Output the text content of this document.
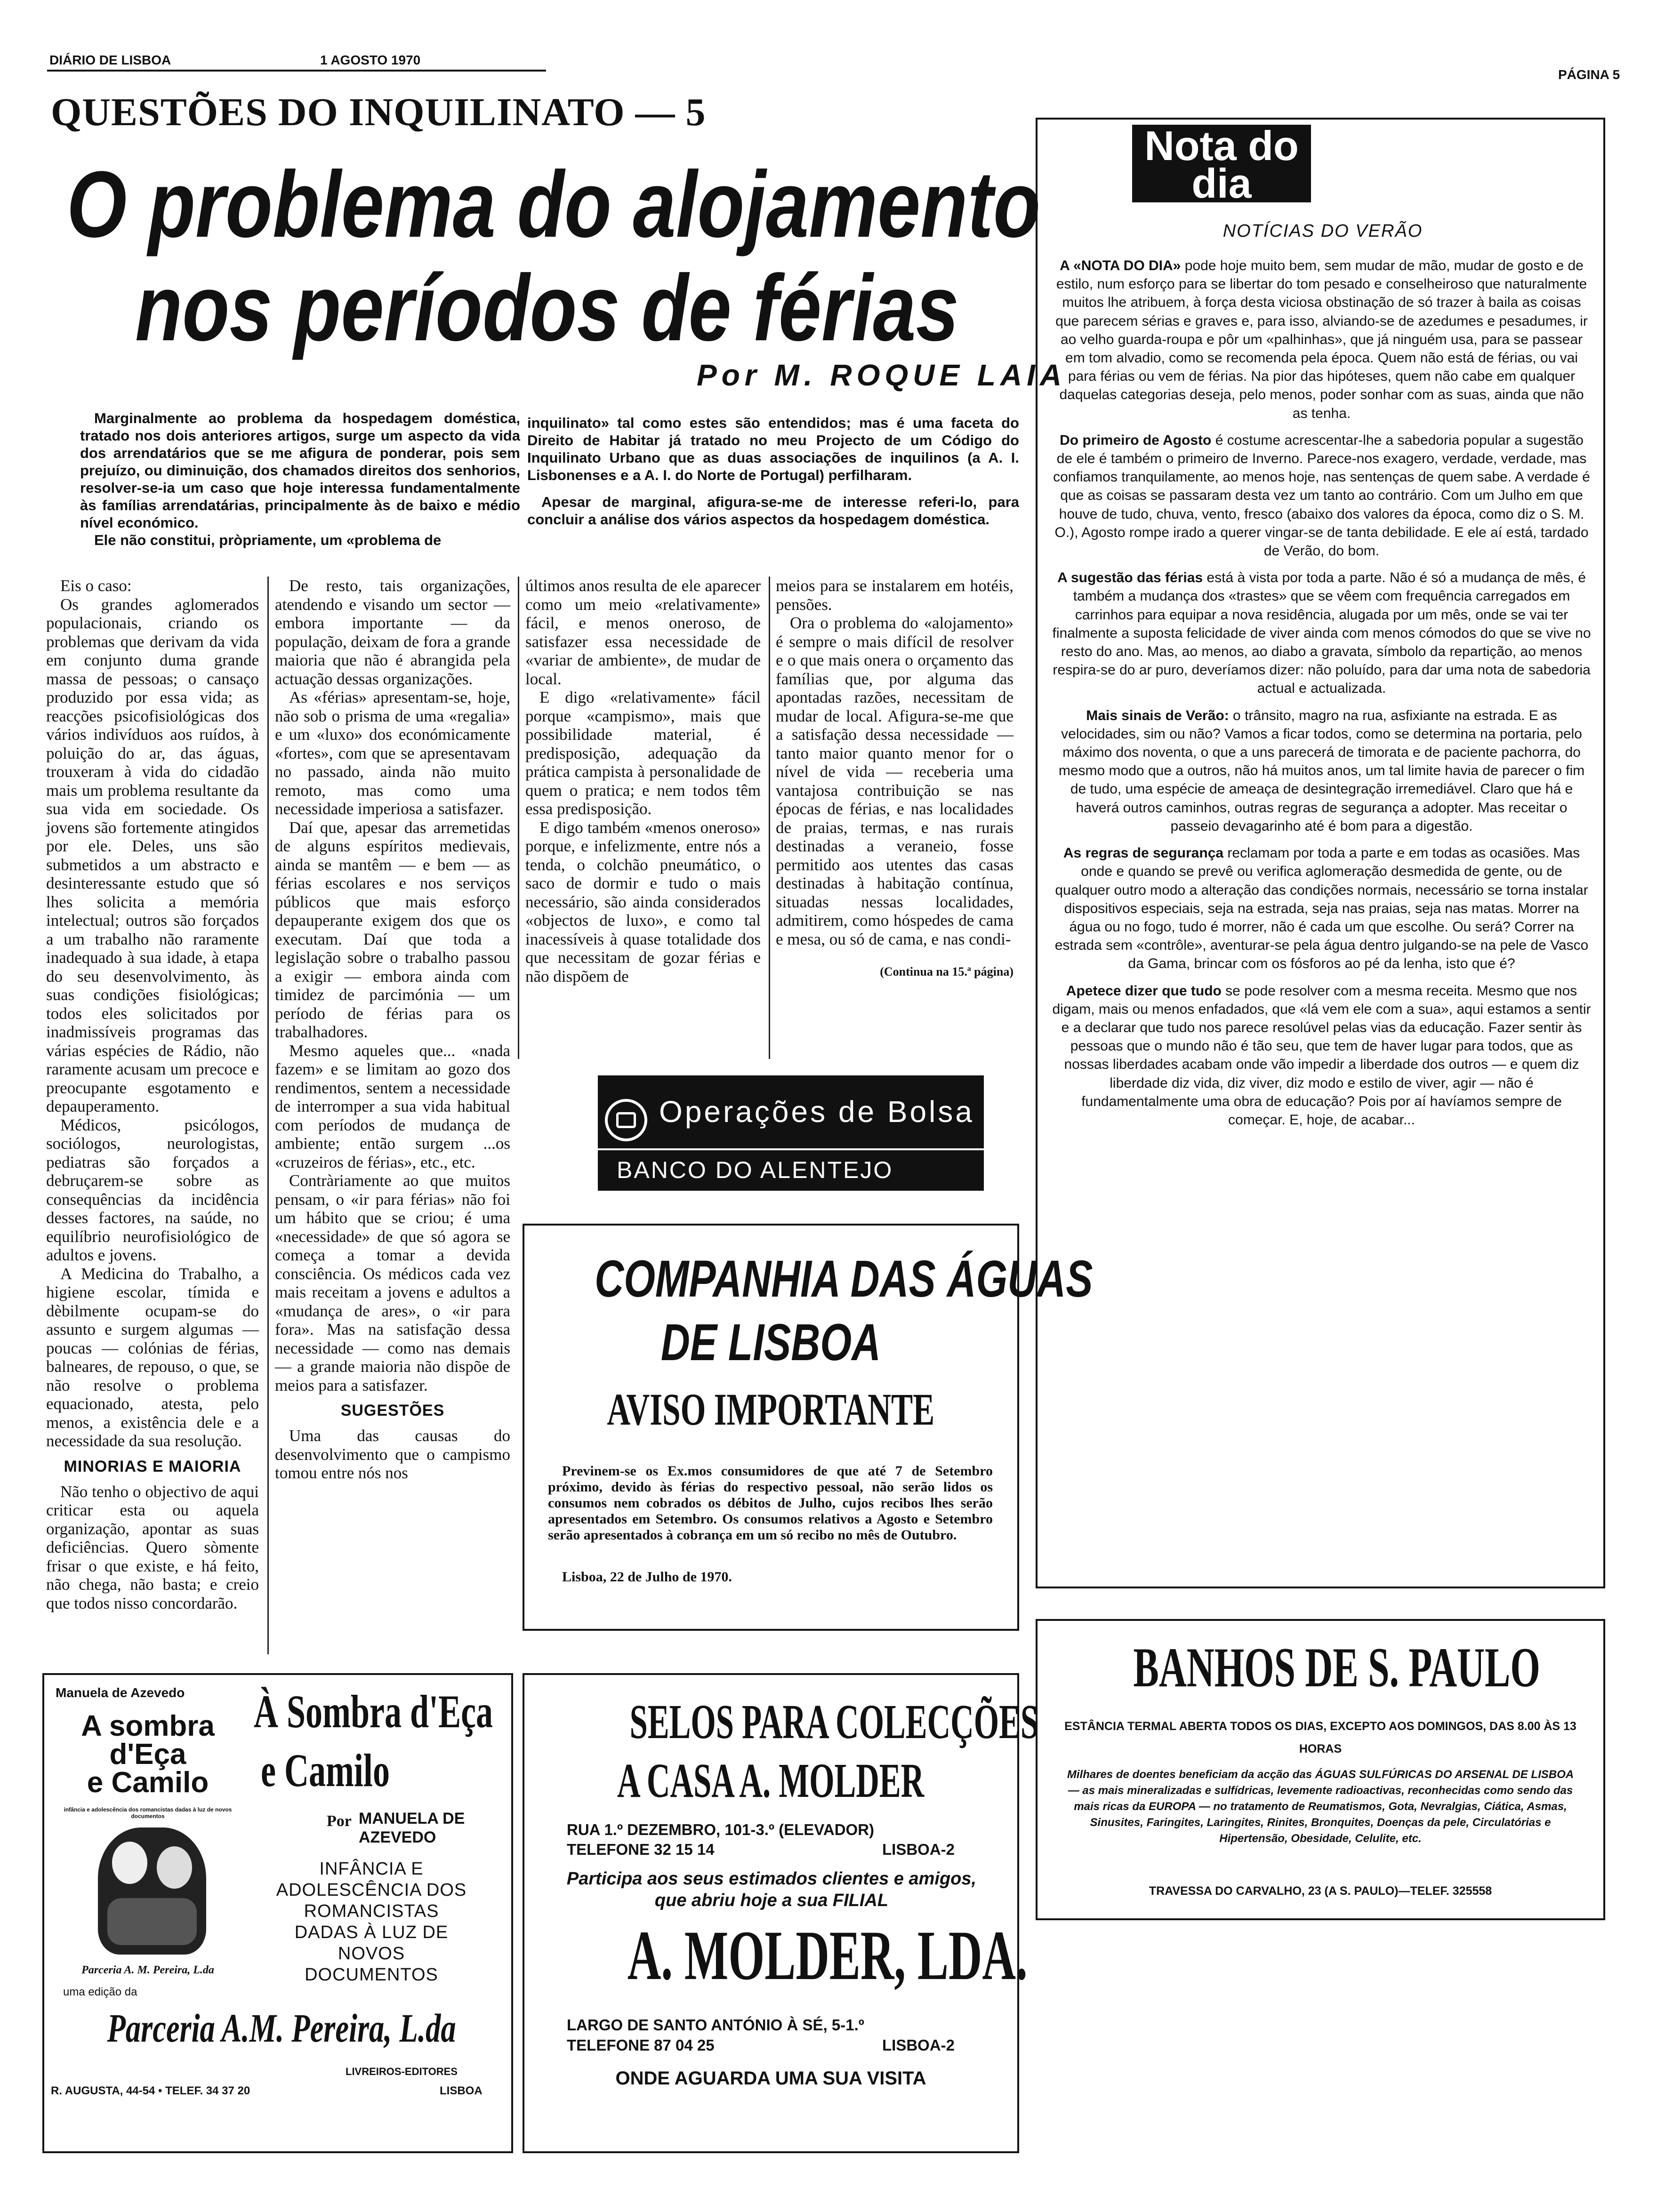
DIÁRIO DE LISBOA	1 AGOSTO 1970
PÁGINA 5
QUESTÕES DO INQUILINATO — 5
O problema do alojamento
nos períodos de férias
Por M. ROQUE LAIA
Marginalmente ao problema da hospedagem doméstica, tratado nos dois anteriores artigos, surge um aspecto da vida dos arrendatários que se me afigura de ponderar, pois sem prejuízo, ou diminuição, dos chamados direitos dos senhorios, resolver-se-ia um caso que hoje interessa fundamentalmente às famílias arrendatárias, principalmente às de baixo e médio nível económico.
Ele não constitui, pròpriamente, um «problema de
inquilinato» tal como estes são entendidos; mas é uma faceta do Direito de Habitar já tratado no meu Projecto de um Código do Inquilinato Urbano que as duas associações de inquilinos (a A. I. Lisbonenses e a A. I. do Norte de Portugal) perfilharam.
Apesar de marginal, afigura-se-me de interesse referi-lo, para concluir a análise dos vários aspectos da hospedagem doméstica.

Eis o caso:

Os grandes aglomerados populacionais, criando os problemas que derivam da vida em conjunto duma grande massa de pessoas; o cansaço produzido por essa vida; as reacções psicofisiológicas dos vários indivíduos aos ruídos, à poluição do ar, das águas, trouxeram à vida do cidadão mais um problema resultante da sua vida em sociedade. Os jovens são fortemente atingidos por ele. Deles, uns são submetidos a um abstracto e desinteressante estudo que só lhes solicita a memória intelectual; outros são forçados a um trabalho não raramente inadequado à sua idade, à etapa do seu desenvolvimento, às suas condições fisiológicas; todos eles solicitados por inadmissíveis programas das várias espécies de Rádio, não raramente acusam um precoce e preocupante esgotamento e depauperamento.

Médicos, psicólogos, sociólogos, neurologistas, pediatras são forçados a debruçarem-se sobre as consequências da incidência desses factores, na saúde, no equilíbrio neurofisiológico de adultos e jovens.

A Medicina do Trabalho, a higiene escolar, tímida e dèbilmente ocupam-se do assunto e surgem algumas — poucas — colónias de férias, balneares, de repouso, o que, se não resolve o problema equacionado, atesta, pelo menos, a existência dele e a necessidade da sua resolução.

MINORIAS E MAIORIA

Não tenho o objectivo de aqui criticar esta ou aquela organização, apontar as suas deficiências. Quero sòmente frisar o que existe, e há feito, não chega, não basta; e creio que todos nisso concordarão.

De resto, tais organizações, atendendo e visando um sector — embora importante — da população, deixam de fora a grande maioria que não é abrangida pela actuação dessas organizações.

As «férias» apresentam-se, hoje, não sob o prisma de uma «regalia» e um «luxo» dos económicamente «fortes», com que se apresentavam no passado, ainda não muito remoto, mas como uma necessidade imperiosa a satisfazer.

Daí que, apesar das arremetidas de alguns espíritos medievais, ainda se mantêm — e bem — as férias escolares e nos serviços públicos que mais esforço depauperante exigem dos que os executam. Daí que toda a legislação sobre o trabalho passou a exigir — embora ainda com timidez de parcimónia — um período de férias para os trabalhadores.

Mesmo aqueles que... «nada fazem» e se limitam ao gozo dos rendimentos, sentem a necessidade de interromper a sua vida habitual com períodos de mudança de ambiente; então surgem ...os «cruzeiros de férias», etc., etc.

Contràriamente ao que muitos pensam, o «ir para férias» não foi um hábito que se criou; é uma «necessidade» de que só agora se começa a tomar a devida consciência. Os médicos cada vez mais receitam a jovens e adultos a «mudança de ares», o «ir para fora». Mas na satisfação dessa necessidade — como nas demais — a grande maioria não dispõe de meios para a satisfazer.

SUGESTÕES

Uma das causas do desenvolvimento que o campismo tomou entre nós nos

últimos anos resulta de ele aparecer como um meio «relativamente» fácil, e menos oneroso, de satisfazer essa necessidade de «variar de ambiente», de mudar de local.

E digo «relativamente» fácil porque «campismo», mais que possibilidade material, é predisposição, adequação da prática campista à personalidade de quem o pratica; e nem todos têm essa predisposição.

E digo também «menos oneroso» porque, e infelizmente, entre nós a tenda, o colchão pneumático, o saco de dormir e tudo o mais necessário, são ainda considerados «objectos de luxo», e como tal inacessíveis à quase totalidade dos que necessitam de gozar férias e não dispõem de

meios para se instalarem em hotéis, pensões.

Ora o problema do «alojamento» é sempre o mais difícil de resolver e o que mais onera o orçamento das famílias que, por alguma das apontadas razões, necessitam de mudar de local. Afigura-se-me que a satisfação dessa necessidade — tanto maior quanto menor for o nível de vida — receberia uma vantajosa contribuição se nas épocas de férias, e nas localidades de praias, termas, e nas rurais destinadas a veraneio, fosse permitido aos utentes das casas destinadas à habitação contínua, situadas nessas localidades, admitirem, como hóspedes de cama e mesa, ou só de cama, e nas condi-

(Continua na 15.ª página)
Nota do dia
NOTÍCIAS DO VERÃO

A «NOTA DO DIA» pode hoje muito bem, sem mudar de mão, mudar de gosto e de estilo, num esforço para se libertar do tom pesado e conselheiroso que naturalmente muitos lhe atribuem, à força desta viciosa obstinação de só trazer à baila as coisas que parecem sérias e graves e, para isso, alviando-se de azedumes e pesadumes, ir ao velho guarda-roupa e pôr um «palhinhas», que já ninguém usa, para se passear em tom alvadio, como se recomenda pela época. Quem não está de férias, ou vai para férias ou vem de férias. Na pior das hipóteses, quem não cabe em qualquer daquelas categorias deseja, pelo menos, poder sonhar com as suas, ainda que não as tenha.

Do primeiro de Agosto é costume acrescentar-lhe a sabedoria popular a sugestão de ele é também o primeiro de Inverno. Parece-nos exagero, verdade, verdade, mas confiamos tranquilamente, ao menos hoje, nas sentenças de quem sabe. A verdade é que as coisas se passaram desta vez um tanto ao contrário. Com um Julho em que houve de tudo, chuva, vento, fresco (abaixo dos valores da época, como diz o S. M. O.), Agosto rompe irado a querer vingar-se de tanta debilidade. E ele aí está, tardado de Verão, do bom.

A sugestão das férias está à vista por toda a parte. Não é só a mudança de mês, é também a mudança dos «trastes» que se vêem com frequência carregados em carrinhos para equipar a nova residência, alugada por um mês, onde se vai ter finalmente a suposta felicidade de viver ainda com menos cómodos do que se vive no resto do ano. Mas, ao menos, ao diabo a gravata, símbolo da repartição, ao menos respira-se do ar puro, deveríamos dizer: não poluído, para dar uma nota de sabedoria actual e actualizada.

Mais sinais de Verão: o trânsito, magro na rua, asfixiante na estrada. E as velocidades, sim ou não? Vamos a ficar todos, como se determina na portaria, pelo máximo dos noventa, o que a uns parecerá de timorata e de paciente pachorra, do mesmo modo que a outros, não há muitos anos, um tal limite havia de parecer o fim de tudo, uma espécie de ameaça de desintegração irremediável. Claro que há e haverá outros caminhos, outras regras de segurança a adopter. Mas receitar o passeio devagarinho até é bom para a digestão.

As regras de segurança reclamam por toda a parte e em todas as ocasiões. Mas onde e quando se prevê ou verifica aglomeração desmedida de gente, ou de qualquer outro modo a alteração das condições normais, necessário se torna instalar dispositivos especiais, seja na estrada, seja nas praias, seja nas matas. Morrer na água ou no fogo, tudo é morrer, não é cada um que escolhe. Ou será? Correr na estrada sem «contrôle», aventurar-se pela água dentro julgando-se na pele de Vasco da Gama, brincar com os fósforos ao pé da lenha, isto que é?

Apetece dizer que tudo se pode resolver com a mesma receita. Mesmo que nos digam, mais ou menos enfadados, que «lá vem ele com a sua», aqui estamos a sentir e a declarar que tudo nos parece resolúvel pelas vias da educação. Fazer sentir às pessoas que o mundo não é tão seu, que tem de haver lugar para todos, que as nossas liberdades acabam onde vão impedir a liberdade dos outros — e quem diz liberdade diz vida, diz viver, diz modo e estilo de viver, agir — não é fundamentalmente uma obra de educação? Pois por aí havíamos sempre de começar. E, hoje, de acabar...

Operações de Bolsa
BANCO DO ALENTEJO
COMPANHIA DAS ÁGUAS
DE LISBOA
AVISO IMPORTANTE
Previnem-se os Ex.mos consumidores de que até 7 de Setembro próximo, devido às férias do respectivo pessoal, não serão lidos os consumos nem cobrados os débitos de Julho, cujos recibos lhes serão apresentados em Setembro. Os consumos relativos a Agosto e Setembro serão apresentados à cobrança em um só recibo no mês de Outubro.
Lisboa, 22 de Julho de 1970.
Manuela de Azevedo
A sombra
d'Eça
e Camilo
infância e adolescência dos romancistas dadas à luz de novos documentos
Parceria A. M. Pereira, L.da
uma edição da
À Sombra d'Eça
e Camilo
Por MANUELA DE AZEVEDO
INFÂNCIA E ADOLESCÊNCIA DOS ROMANCISTAS DADAS À LUZ DE NOVOS DOCUMENTOS
Parceria A.M. Pereira, L.da
LIVREIROS-EDITORES
R. AUGUSTA, 44-54 • TELEF. 34 37 20	LISBOA
SELOS PARA COLECÇÕES
A CASA A. MOLDER
RUA 1.º DEZEMBRO, 101-3.º (ELEVADOR)
TELEFONE 32 15 14	LISBOA-2
Participa aos seus estimados clientes e amigos, que abriu hoje a sua FILIAL
A. MOLDER, LDA.
LARGO DE SANTO ANTÓNIO À SÉ, 5-1.º
TELEFONE 87 04 25	LISBOA-2
ONDE AGUARDA UMA SUA VISITA
BANHOS DE S. PAULO
ESTÂNCIA TERMAL ABERTA TODOS OS DIAS, EXCEPTO AOS DOMINGOS, DAS 8.00 ÀS 13 HORAS
Milhares de doentes beneficiam da acção das ÁGUAS SULFÚRICAS DO ARSENAL DE LISBOA — as mais mineralizadas e sulfídricas, levemente radioactivas, reconhecidas como sendo das mais ricas da EUROPA — no tratamento de Reumatismos, Gota, Nevralgias, Ciática, Asmas, Sinusites, Faringites, Laringites, Rinites, Bronquites, Doenças da pele, Circulatórias e Hipertensão, Obesidade, Celulite, etc.
TRAVESSA DO CARVALHO, 23 (A S. PAULO)—TELEF. 325558
